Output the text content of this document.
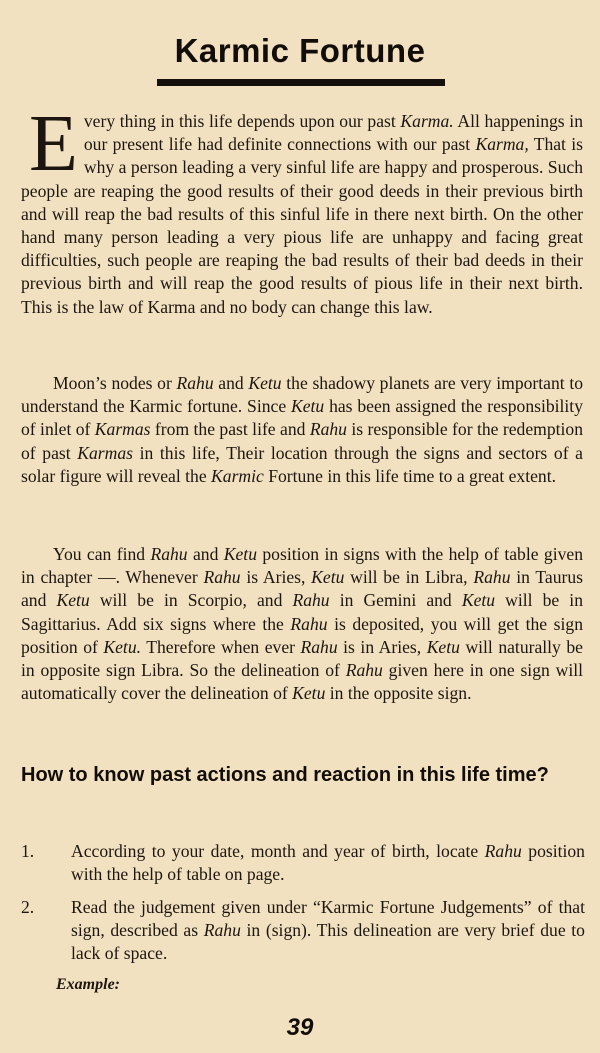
Karmic Fortune
E very thing in this life depends upon our past Karma. All happenings in our present life had definite connections with our past Karma, That is why a person leading a very sinful life are happy and prosperous. Such people are reaping the good results of their good deeds in their previous birth and will reap the bad results of this sinful life in there next birth. On the other hand many person leading a very pious life are unhappy and facing great difficulties, such people are reaping the bad results of their bad deeds in their previous birth and will reap the good results of pious life in their next birth. This is the law of Karma and no body can change this law.
Moon’s nodes or Rahu and Ketu the shadowy planets are very important to understand the Karmic fortune. Since Ketu has been assigned the responsibility of inlet of Karmas from the past life and Rahu is responsible for the redemption of past Karmas in this life, Their location through the signs and sectors of a solar figure will reveal the Karmic Fortune in this life time to a great extent.
You can find Rahu and Ketu position in signs with the help of table given in chapter —. Whenever Rahu is Aries, Ketu will be in Libra, Rahu in Taurus and Ketu will be in Scorpio, and Rahu in Gemini and Ketu will be in Sagittarius. Add six signs where the Rahu is deposited, you will get the sign position of Ketu. Therefore when ever Rahu is in Aries, Ketu will naturally be in opposite sign Libra. So the delineation of Rahu given here in one sign will automatically cover the delineation of Ketu in the opposite sign.
How to know past actions and reaction in this life time?
1. According to your date, month and year of birth, locate Rahu position with the help of table on page.
2. Read the judgement given under “Karmic Fortune Judgements” of that sign, described as Rahu in (sign). This delineation are very brief due to lack of space.
Example:
39
